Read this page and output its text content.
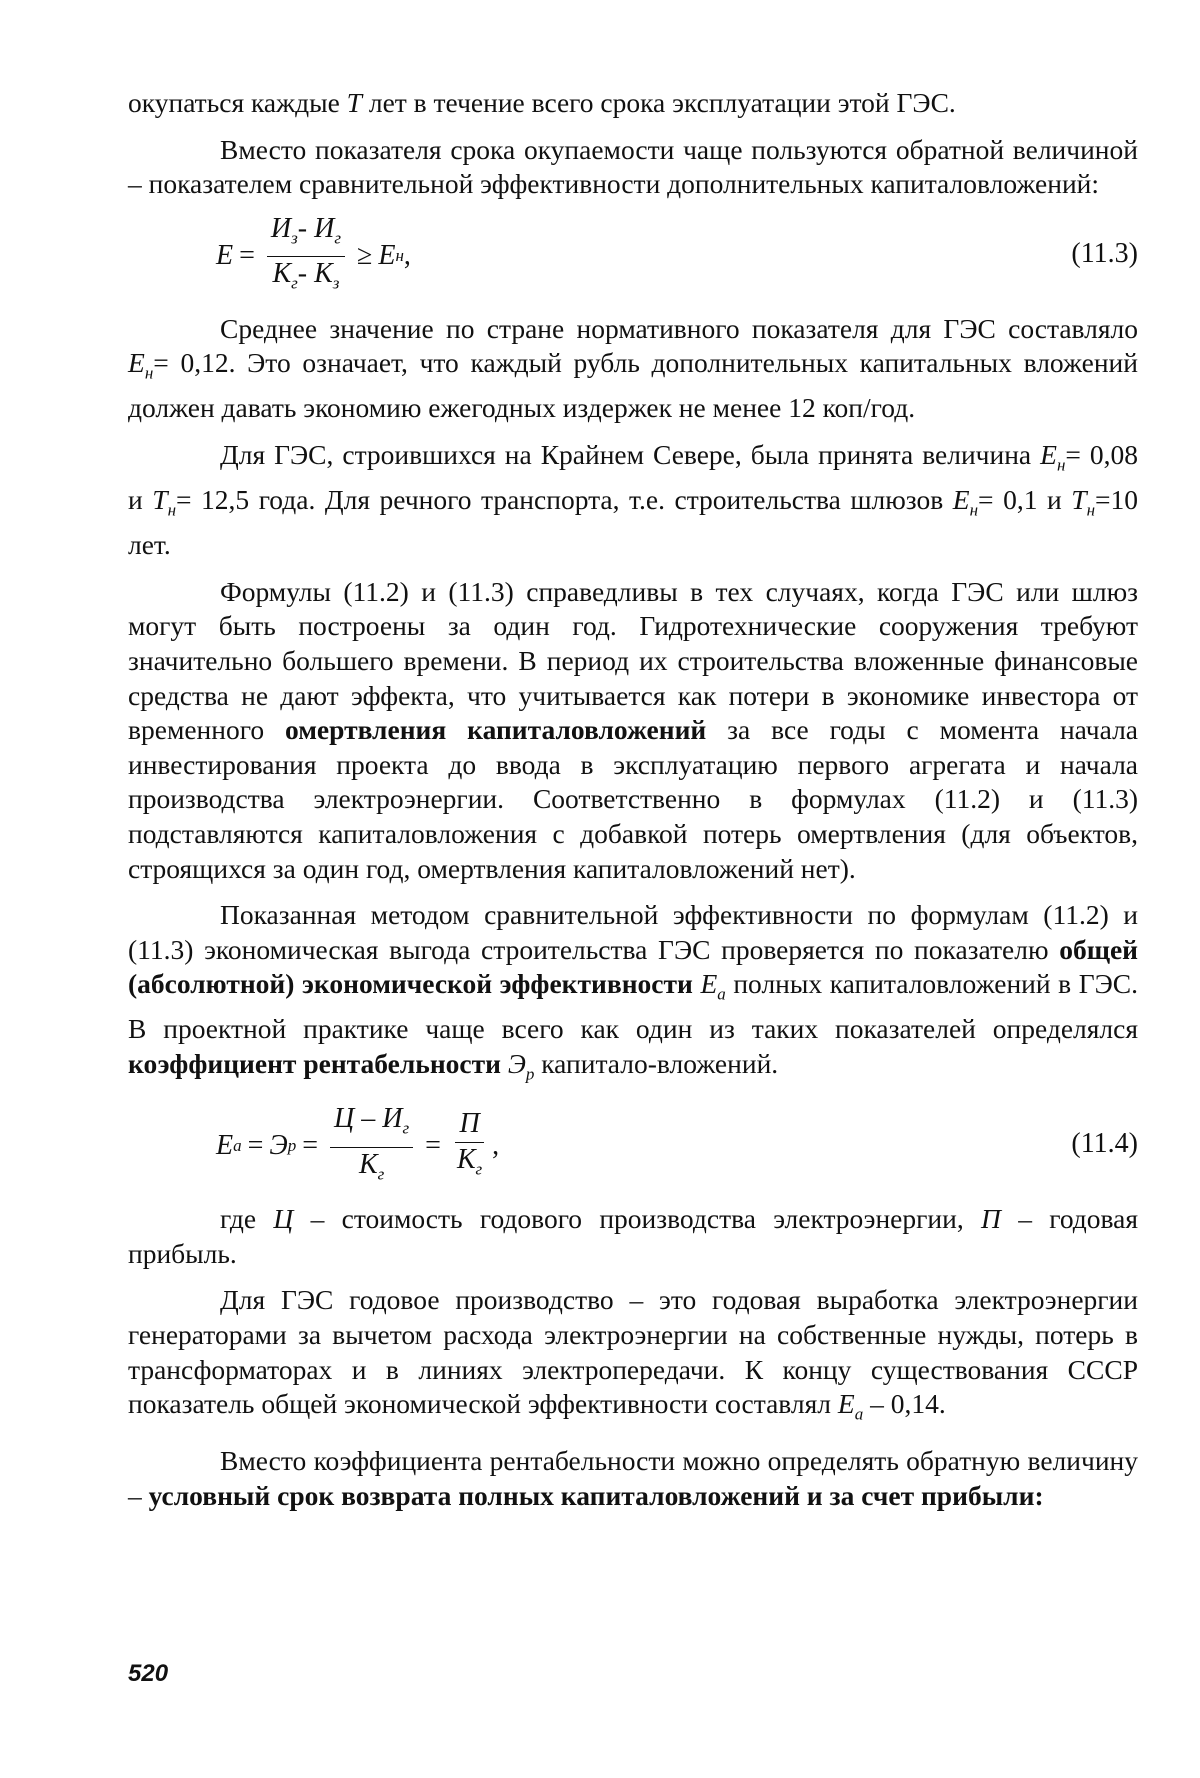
окупаться каждые Т лет в течение всего срока эксплуатации этой ГЭС.

Вместо показателя срока окупаемости чаще пользуются обратной величиной – показателем сравнительной эффективности дополнительных капиталовложений:

$Е = \frac{И_з- И_г}{К_г- К_з} \ge Е$ н ,	(11.3)

Среднее значение по стране нормативного показателя для ГЭС составляло $Е_н= 0,12$. Это означает, что каждый рубль дополнительных капитальных вложений должен давать экономию ежегодных издержек не менее 12 коп/год.

Для ГЭС, строившихся на Крайнем Севере, была принята величина $Е_н= 0,08$ и $Т_н= 12,5$ года. Для речного транспорта, т.е. строительства шлюзов $Е_н= 0,1$ и $Т_н=10$ лет.

Формулы (11.2) и (11.3) справедливы в тех случаях, когда ГЭС или шлюз могут быть построены за один год. Гидротехнические сооружения требуют значительно большего времени. В период их строительства вложенные финансовые средства не дают эффекта, что учитывается как потери в экономике инвестора от временного омертвления капиталовложений за все годы с момента начала инвестирования проекта до ввода в эксплуатацию первого агрегата и начала производства электроэнергии. Соответственно в формулах (11.2) и (11.3) подставляются капиталовложения с добавкой потерь омертвления (для объектов, строящихся за один год, омертвления капиталовложений нет).

Показанная методом сравнительной эффективности по формулам (11.2) и (11.3) экономическая выгода строительства ГЭС проверяется по показателю общей (абсолютной) экономической эффективности $Е_а$ полных капиталовложений в ГЭС. В проектной практике чаще всего как один из таких показателей определялся коэффициент рентабельности $Э_р$ капитало-вложений.

Е а = Э $р = \frac{Ц - И_г}{К_г} = \frac{П}{К_г}$ ,	(11.4)

где Ц – стоимость годового производства электроэнергии, П – годовая прибыль.

Для ГЭС годовое производство – это годовая выработка электроэнергии генераторами за вычетом расхода электроэнергии на собственные нужды, потерь в трансформаторах и в линиях электропередачи. К концу существования СССР показатель общей экономической эффективности составлял $Е_а - 0,14$.

Вместо коэффициента рентабельности можно определять обратную величину – условный срок возврата полных капиталовложений и за счет прибыли:

520
